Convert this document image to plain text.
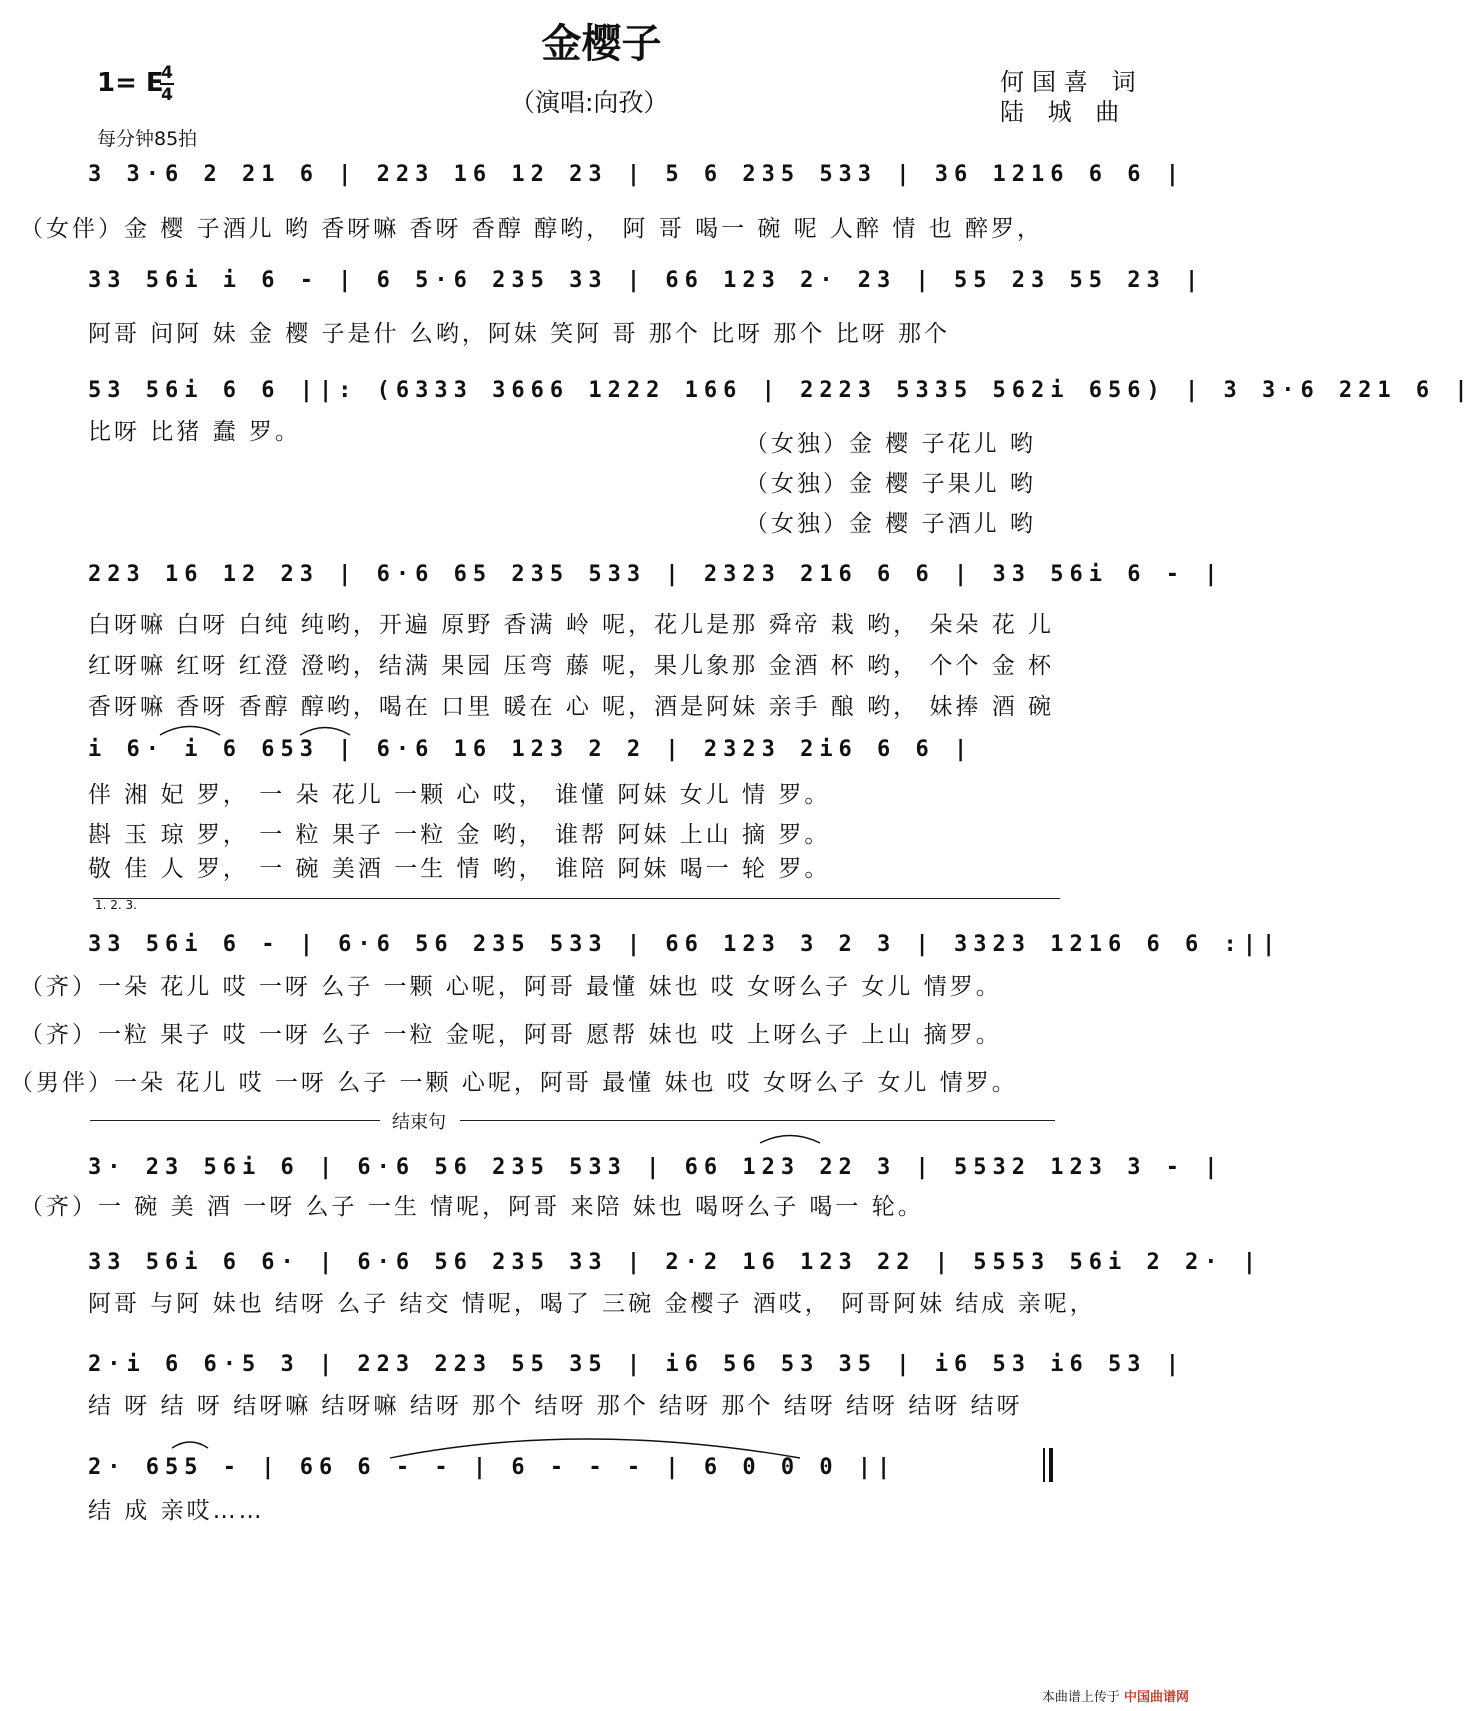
金樱子
1= E
4
4
每分钟85拍
（演唱:向孜）
何国喜 词
陆 城 曲
3 3·6 2 21 6 | 223 16 12 23 | 5 6 235 533 | 36 1216 6 6 |
（女伴）金 樱 子酒儿 哟 香呀嘛 香呀 香醇 醇哟， 阿 哥 喝一 碗 呢 人醉 情 也 醉罗，
33 56i i 6 - | 6 5·6 235 33 | 66 123 2· 23 | 55 23 55 23 |
阿哥 问阿 妹 金 樱 子是什 么哟，阿妹 笑阿 哥 那个 比呀 那个 比呀 那个
53 56i 6 6 ||: (6333 3666 1222 166 | 2223 5335 562i 656) | 3 3·6 221 6 |
比呀 比猪 蠢 罗。	（女独）金 樱 子花儿 哟
（女独）金 樱 子果儿 哟
（女独）金 樱 子酒儿 哟
223 16 12 23 | 6·6 65 235 533 | 2323 216 6 6 | 33 56i 6 - |
白呀嘛 白呀 白纯 纯哟，开遍 原野 香满 岭 呢，花儿是那 舜帝 栽 哟， 朵朵 花 儿
红呀嘛 红呀 红澄 澄哟，结满 果园 压弯 藤 呢，果儿象那 金酒 杯 哟， 个个 金 杯
香呀嘛 香呀 香醇 醇哟，喝在 口里 暖在 心 呢，酒是阿妹 亲手 酿 哟， 妹捧 酒 碗
i 6· i 6 653 | 6·6 16 123 2 2 | 2323 2i6 6 6 |
伴 湘 妃 罗， 一 朵 花儿 一颗 心 哎， 谁懂 阿妹 女儿 情 罗。
斟 玉 琼 罗， 一 粒 果子 一粒 金 哟， 谁帮 阿妹 上山 摘 罗。
敬 佳 人 罗， 一 碗 美酒 一生 情 哟， 谁陪 阿妹 喝一 轮 罗。
1. 2. 3.
33 56i 6 - | 6·6 56 235 533 | 66 123 3 2 3 | 3323 1216 6 6 :||
（齐）一朵 花儿 哎 一呀 么子 一颗 心呢，阿哥 最懂 妹也 哎 女呀么子 女儿 情罗。
（齐）一粒 果子 哎 一呀 么子 一粒 金呢，阿哥 愿帮 妹也 哎 上呀么子 上山 摘罗。
（男伴）一朵 花儿 哎 一呀 么子 一颗 心呢，阿哥 最懂 妹也 哎 女呀么子 女儿 情罗。
结束句
3· 23 56i 6 | 6·6 56 235 533 | 66 123 22 3 | 5532 123 3 - |
（齐）一 碗 美 酒 一呀 么子 一生 情呢，阿哥 来陪 妹也 喝呀么子 喝一 轮。
33 56i 6 6· | 6·6 56 235 33 | 2·2 16 123 22 | 5553 56i 2 2· |
阿哥 与阿 妹也 结呀 么子 结交 情呢，喝了 三碗 金樱子 酒哎， 阿哥阿妹 结成 亲呢，
2·i 6 6·5 3 | 223 223 55 35 | i6 56 53 35 | i6 53 i6 53 |
结 呀 结 呀 结呀嘛 结呀嘛 结呀 那个 结呀 那个 结呀 那个 结呀 结呀 结呀 结呀
2· 655 - | 66 6 - - | 6 - - - | 6 0 0 0 ||
结 成 亲哎……
本曲谱上传于 中国曲谱网
